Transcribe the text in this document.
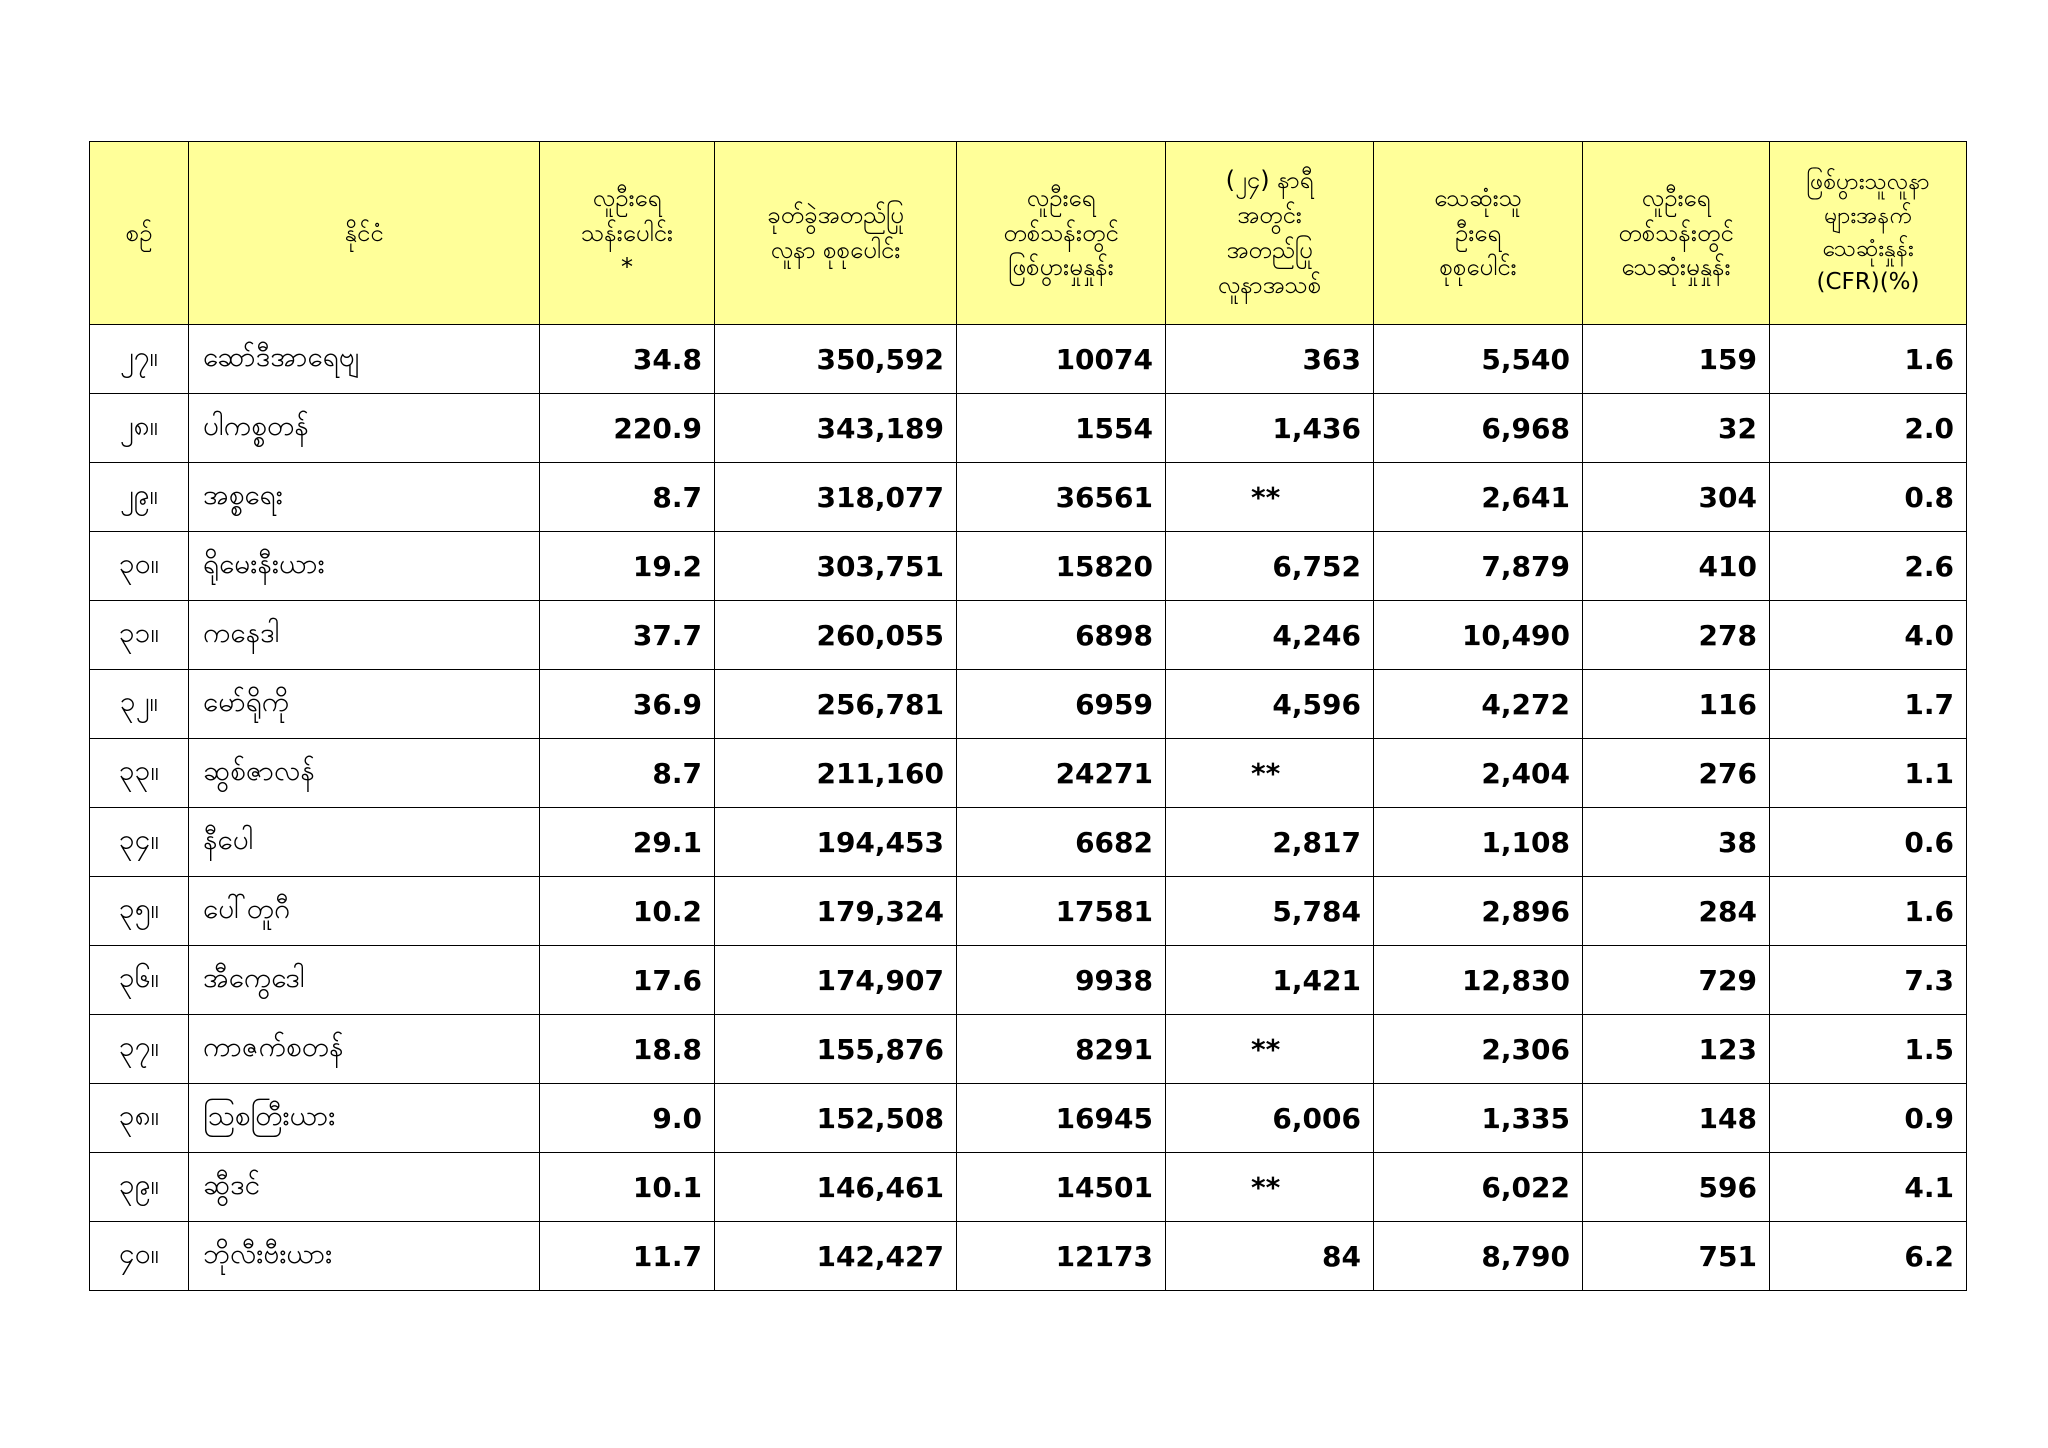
စဉ်	နိုင်ငံ	လူဦးရေ
သန်းပေါင်း
*	ခုတ်ခွဲအတည်ပြု
လူနာ စုစုပေါင်း	လူဦးရေ
တစ်သန်းတွင်
ဖြစ်ပွားမှုနှုန်း	(၂၄) နာရီ
အတွင်း
အတည်ပြု
လူနာအသစ်	သေဆုံးသူ
ဦးရေ
စုစုပေါင်း	လူဦးရေ
တစ်သန်းတွင်
သေဆုံးမှုနှုန်း	ဖြစ်ပွားသူလူနာ
များအနက်
သေဆုံးနှုန်း
(CFR)(%)
၂၇။	ဆော်ဒီအာရေဗျ	34.8	350,592	10074	363	5,540	159	1.6
၂၈။	ပါကစ္စတန်	220.9	343,189	1554	1,436	6,968	32	2.0
၂၉။	အစ္စရေး	8.7	318,077	36561	**	2,641	304	0.8
၃၀။	ရိုမေးနီးယား	19.2	303,751	15820	6,752	7,879	410	2.6
၃၁။	ကနေဒါ	37.7	260,055	6898	4,246	10,490	278	4.0
၃၂။	မော်ရိုကို	36.9	256,781	6959	4,596	4,272	116	1.7
၃၃။	ဆွစ်ဇာလန်	8.7	211,160	24271	**	2,404	276	1.1
၃၄။	နီပေါ	29.1	194,453	6682	2,817	1,108	38	0.6
၃၅။	ပေါ်တူဂီ	10.2	179,324	17581	5,784	2,896	284	1.6
၃၆။	အီကွေဒေါ	17.6	174,907	9938	1,421	12,830	729	7.3
၃၇။	ကာဇက်စတန်	18.8	155,876	8291	**	2,306	123	1.5
၃၈။	သြစတြီးယား	9.0	152,508	16945	6,006	1,335	148	0.9
၃၉။	ဆွီဒင်	10.1	146,461	14501	**	6,022	596	4.1
၄၀။	ဘိုလီးဗီးယား	11.7	142,427	12173	84	8,790	751	6.2
